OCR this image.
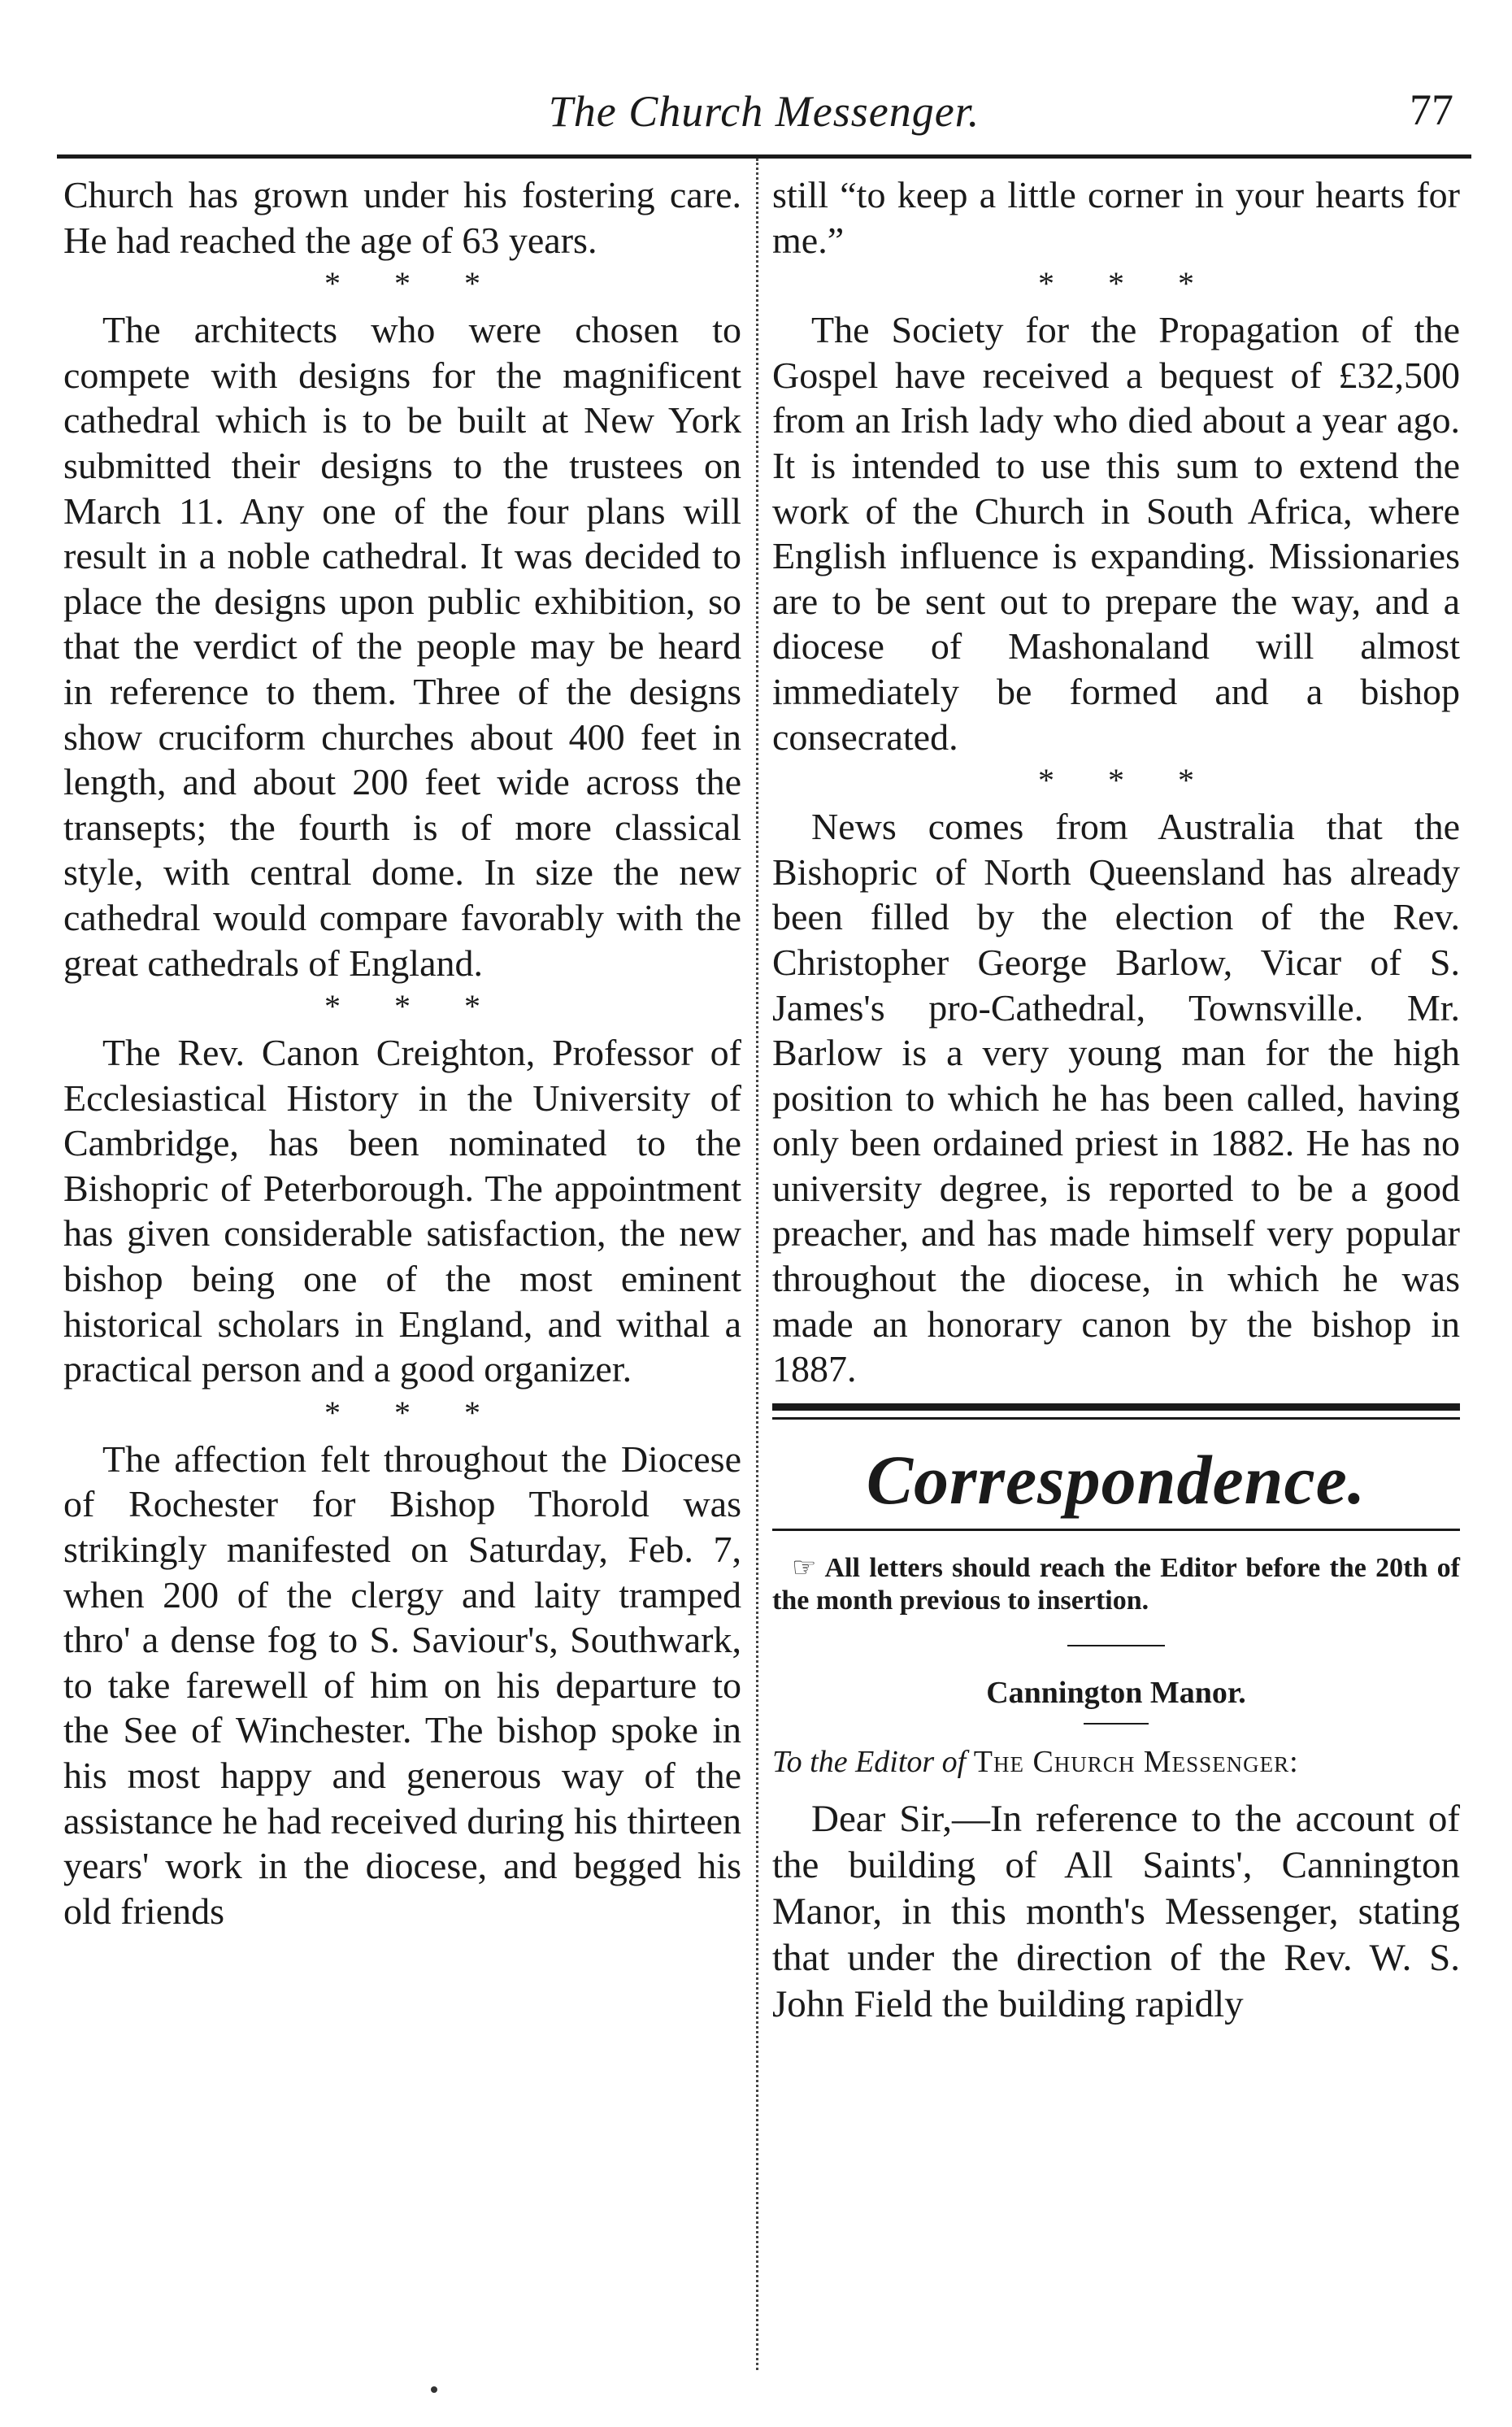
The Church Messenger.	77

Church has grown under his fostering care. He had reached the age of 63 years.

* * *

The architects who were chosen to compete with designs for the magnificent cathedral which is to be built at New York submitted their designs to the trustees on March 11. Any one of the four plans will result in a noble cathedral. It was decided to place the designs upon public exhibition, so that the verdict of the people may be heard in reference to them. Three of the designs show cruciform churches about 400 feet in length, and about 200 feet wide across the transepts; the fourth is of more classical style, with central dome. In size the new cathedral would compare favorably with the great cathedrals of England.

* * *

The Rev. Canon Creighton, Professor of Ecclesiastical History in the University of Cambridge, has been nominated to the Bishopric of Peterborough. The appointment has given considerable satisfaction, the new bishop being one of the most eminent historical scholars in England, and withal a practical person and a good organizer.

* * *

The affection felt throughout the Diocese of Rochester for Bishop Thorold was strikingly manifested on Saturday, Feb. 7, when 200 of the clergy and laity tramped thro' a dense fog to S. Saviour's, Southwark, to take farewell of him on his departure to the See of Winchester. The bishop spoke in his most happy and generous way of the assistance he had received during his thirteen years' work in the diocese, and begged his old friends

still “to keep a little corner in your hearts for me.”

* * *

The Society for the Propagation of the Gospel have received a bequest of £32,500 from an Irish lady who died about a year ago. It is intended to use this sum to extend the work of the Church in South Africa, where English influence is expanding. Missionaries are to be sent out to prepare the way, and a diocese of Mashonaland will almost immediately be formed and a bishop consecrated.

* * *

News comes from Australia that the Bishopric of North Queensland has already been filled by the election of the Rev. Christopher George Barlow, Vicar of S. James's pro-Cathedral, Townsville. Mr. Barlow is a very young man for the high position to which he has been called, having only been ordained priest in 1882. He has no university degree, is reported to be a good preacher, and has made himself very popular throughout the diocese, in which he was made an honorary canon by the bishop in 1887.

Correspondence.

☞ All letters should reach the Editor before the 20th of the month previous to insertion.

Cannington Manor.

To the Editor of The Church Messenger:

Dear Sir,—In reference to the account of the building of All Saints', Cannington Manor, in this month's Messenger, stating that under the direction of the Rev. W. S. John Field the building rapidly
